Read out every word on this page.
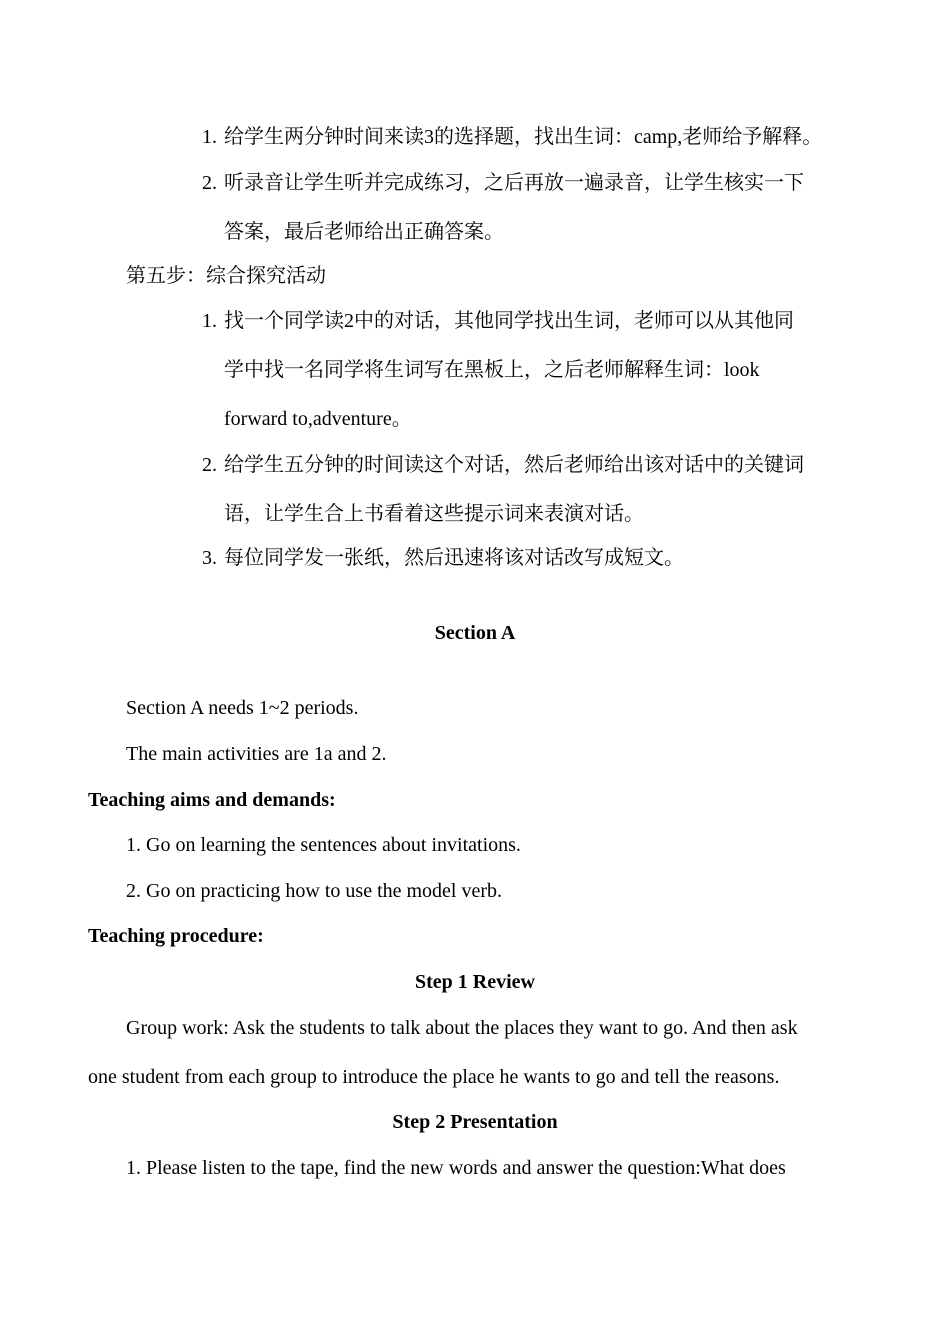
1. 给学生两分钟时间来读3的选择题，找出生词：camp,老师给予解释。

2. 听录音让学生听并完成练习，之后再放一遍录音，让学生核实一下

答案，最后老师给出正确答案。

第五步：综合探究活动

1. 找一个同学读2中的对话，其他同学找出生词，老师可以从其他同

学中找一名同学将生词写在黑板上，之后老师解释生词：look

forward to,adventure。

2. 给学生五分钟的时间读这个对话，然后老师给出该对话中的关键词

语，让学生合上书看着这些提示词来表演对话。

3. 每位同学发一张纸，然后迅速将该对话改写成短文。

Section A

Section A needs 1~2 periods.

The main activities are 1a and 2.

Teaching aims and demands:

1. Go on learning the sentences about invitations.

2. Go on practicing how to use the model verb.

Teaching procedure:

Step 1 Review

Group work: Ask the students to talk about the places they want to go. And then ask

one student from each group to introduce the place he wants to go and tell the reasons.

Step 2 Presentation

1. Please listen to the tape, find the new words and answer the question:What does
